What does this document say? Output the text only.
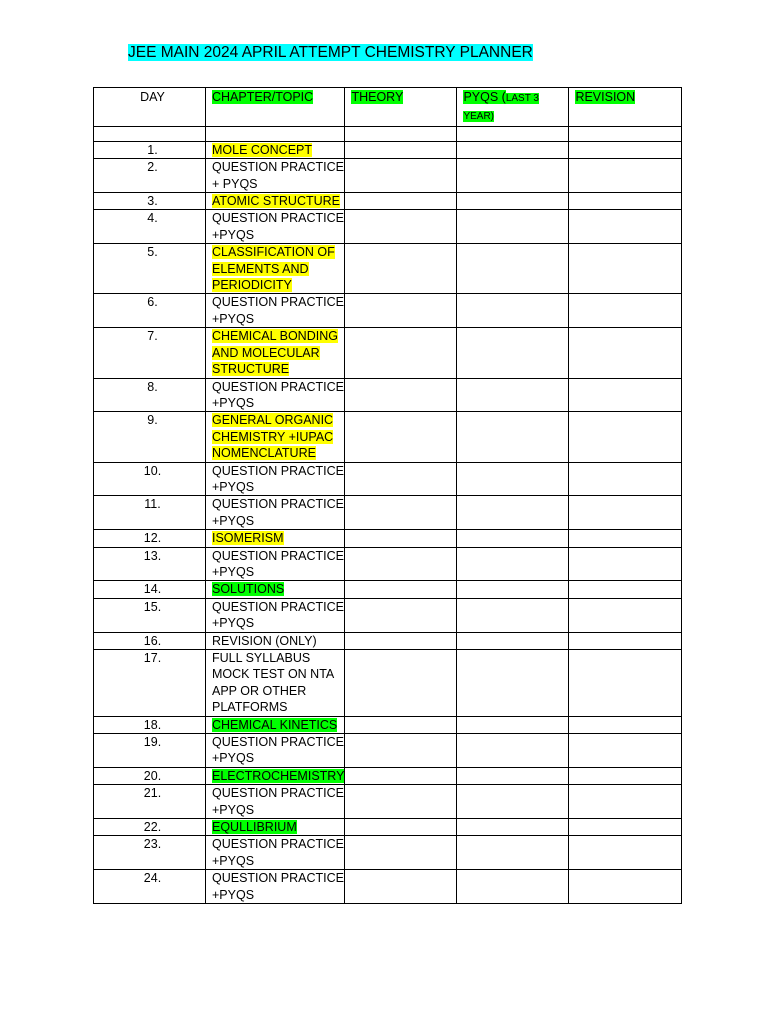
JEE MAIN 2024 APRIL ATTEMPT CHEMISTRY PLANNER
DAY	CHAPTER/TOPIC	THEORY	PYQS (LAST 3 YEAR)	REVISION

1.	MOLE CONCEPT			
2.	QUESTION PRACTICE + PYQS			
3.	ATOMIC STRUCTURE			
4.	QUESTION PRACTICE +PYQS			
5.	CLASSIFICATION OF ELEMENTS AND PERIODICITY			
6.	QUESTION PRACTICE +PYQS			
7.	CHEMICAL BONDING AND MOLECULAR STRUCTURE			
8.	QUESTION PRACTICE +PYQS			
9.	GENERAL ORGANIC CHEMISTRY +IUPAC NOMENCLATURE			
10.	QUESTION PRACTICE +PYQS			
11.	QUESTION PRACTICE +PYQS			
12.	ISOMERISM			
13.	QUESTION PRACTICE +PYQS			
14.	SOLUTIONS			
15.	QUESTION PRACTICE +PYQS			
16.	REVISION (ONLY)			
17.	FULL SYLLABUS MOCK TEST ON NTA APP OR OTHER PLATFORMS			
18.	CHEMICAL KINETICS			
19.	QUESTION PRACTICE +PYQS			
20.	ELECTROCHEMISTRY			
21.	QUESTION PRACTICE +PYQS			
22.	EQULLIBRIUM			
23.	QUESTION PRACTICE +PYQS			
24.	QUESTION PRACTICE +PYQS			
